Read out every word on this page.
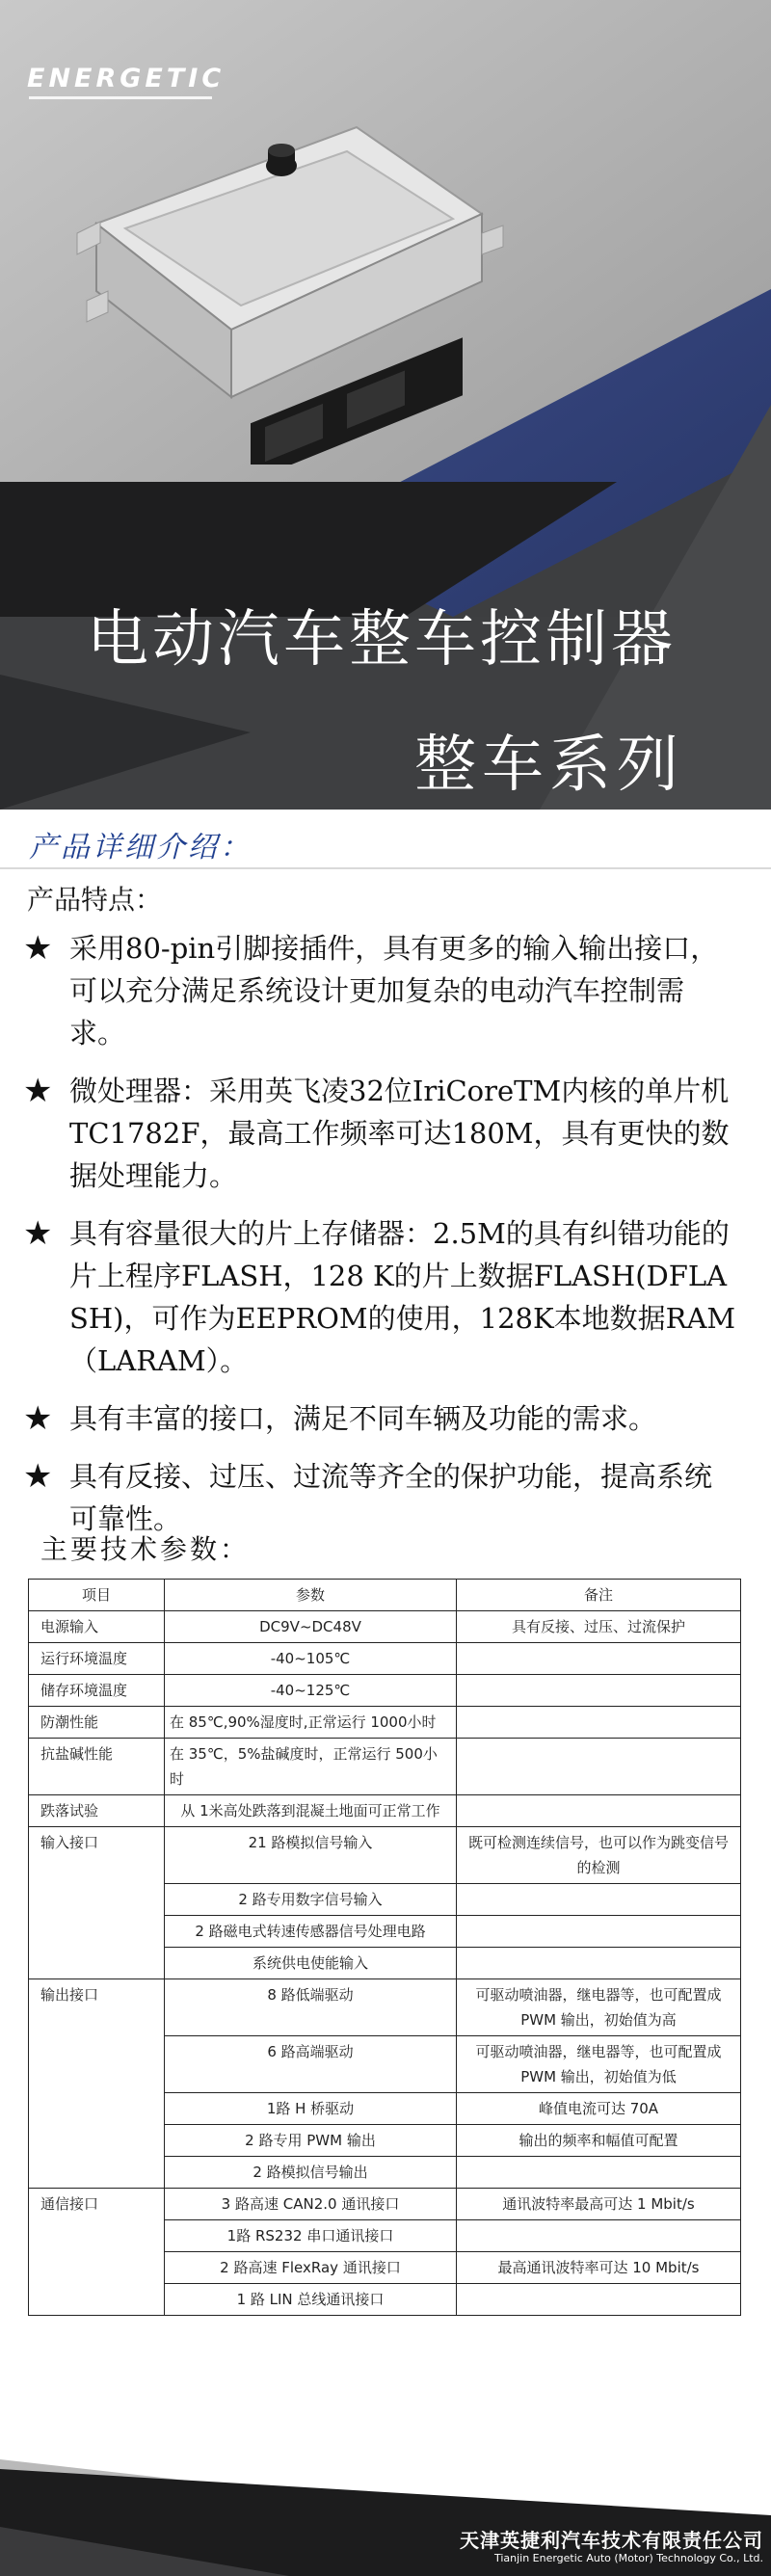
ENERGETIC
电动汽车整车控制器
整车系列
产品详细介绍：
产品特点：
★ 采用80-pin引脚接插件，具有更多的输入输出接口，可以充分满足系统设计更加复杂的电动汽车控制需求。
★ 微处理器：采用英飞凌32位IriCoreTM内核的单片机TC1782F，最高工作频率可达180M，具有更快的数据处理能力。
★ 具有容量很大的片上存储器：2.5M的具有纠错功能的片上程序FLASH，128 K的片上数据FLASH(DFLASH)，可作为EEPROM的使用，128K本地数据RAM （LARAM）。
★ 具有丰富的接口，满足不同车辆及功能的需求。
★ 具有反接、过压、过流等齐全的保护功能，提高系统可靠性。
主要技术参数：
项目	参数	备注
电源输入	DC9V~DC48V	具有反接、过压、过流保护
运行环境温度	-40~105℃	
储存环境温度	-40~125℃	
防潮性能	在 85℃,90%湿度时,正常运行 1000小时	
抗盐碱性能	在 35℃，5%盐碱度时，正常运行 500小时	
跌落试验	从 1米高处跌落到混凝土地面可正常工作	
输入接口	21 路模拟信号输入	既可检测连续信号，也可以作为跳变信号的检测
	2 路专用数字信号输入	
	2 路磁电式转速传感器信号处理电路	
	系统供电使能输入	
输出接口	8 路低端驱动	可驱动喷油器，继电器等，也可配置成 PWM 输出，初始值为高
	6 路高端驱动	可驱动喷油器，继电器等，也可配置成 PWM 输出，初始值为低
	1路 H 桥驱动	峰值电流可达 70A
	2 路专用 PWM 输出	输出的频率和幅值可配置
	2 路模拟信号输出	
通信接口	3 路高速 CAN2.0 通讯接口	通讯波特率最高可达 1 Mbit/s
	1路 RS232 串口通讯接口	
	2 路高速 FlexRay 通讯接口	最高通讯波特率可达 10 Mbit/s
	1 路 LIN 总线通讯接口	
天津英捷利汽车技术有限责任公司
Tianjin Energetic Auto (Motor) Technology Co., Ltd.
